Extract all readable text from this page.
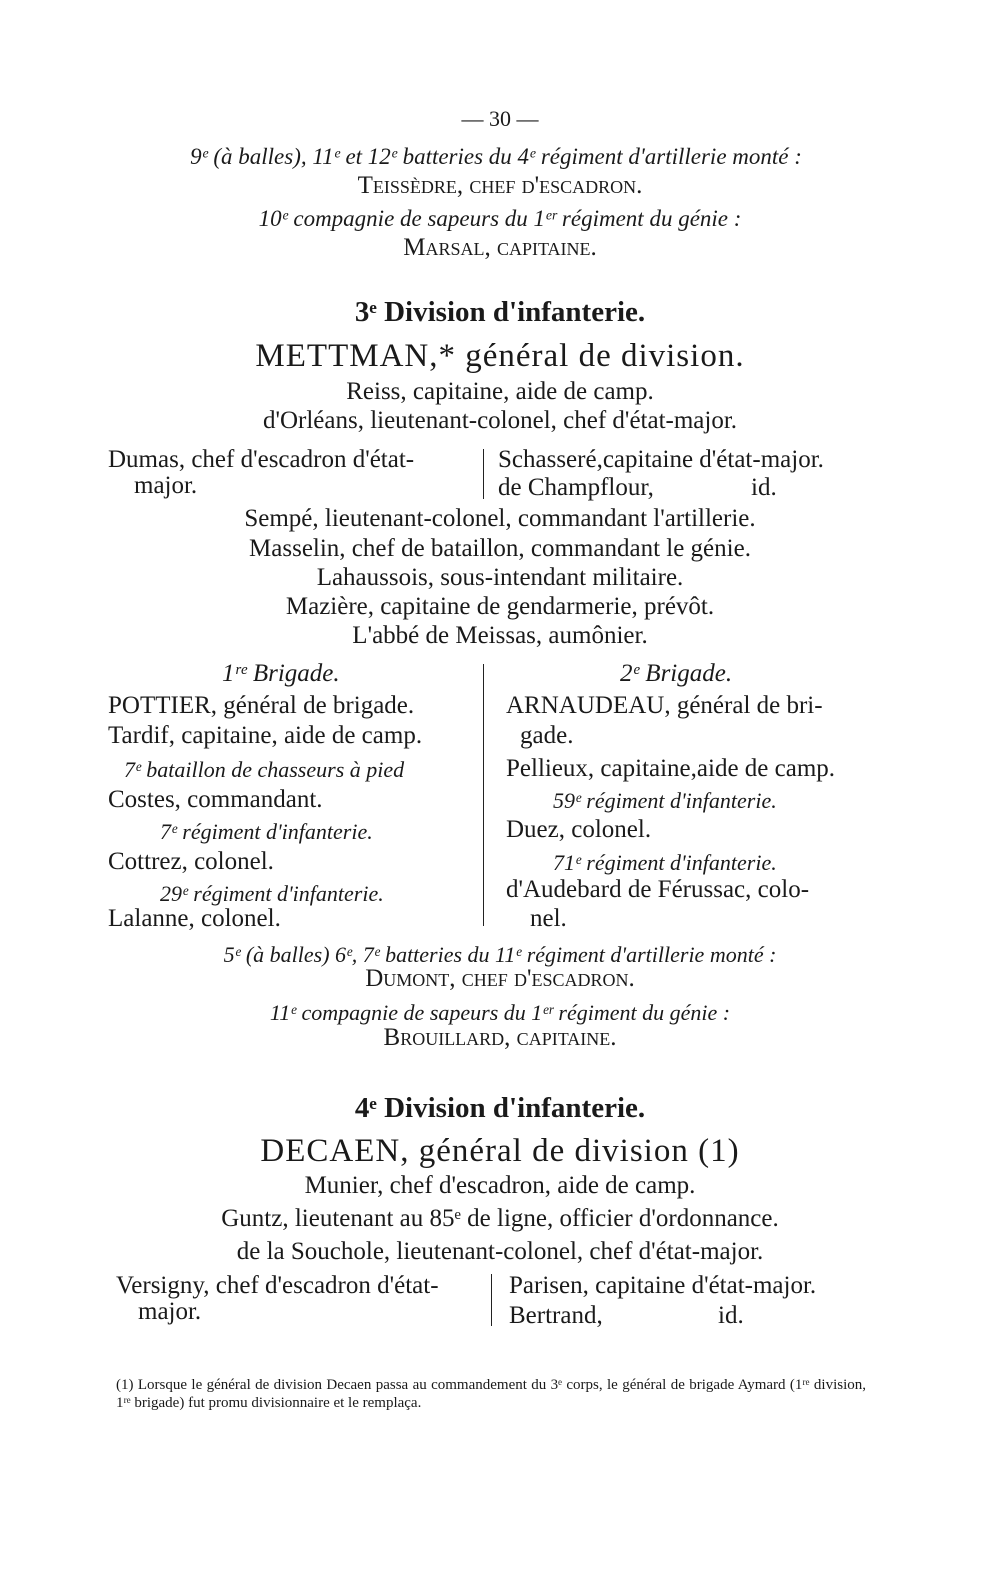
— 30 —
9ᵉ (à balles), 11ᵉ et 12ᵉ batteries du 4ᵉ régiment d'artillerie monté :
Teissèdre, chef d'escadron.
10ᵉ compagnie de sapeurs du 1ᵉʳ régiment du génie :
Marsal, capitaine.
3ᵉ Division d'infanterie.
METTMAN,* général de division.
Reiss, capitaine, aide de camp.
d'Orléans, lieutenant-colonel, chef d'état-major.
Dumas, chef d'escadron d'état-
major.
Schasseré,capitaine d'état-major.
de Champflour,	id.
Sempé, lieutenant-colonel, commandant l'artillerie.
Masselin, chef de bataillon, commandant le génie.
Lahaussois, sous-intendant militaire.
Mazière, capitaine de gendarmerie, prévôt.
L'abbé de Meissas, aumônier.
1ʳᵉ Brigade.
POTTIER, général de brigade.
Tardif, capitaine, aide de camp.
7ᵉ bataillon de chasseurs à pied
Costes, commandant.
7ᵉ régiment d'infanterie.
Cottrez, colonel.
29ᵉ régiment d'infanterie.
Lalanne, colonel.
2ᵉ Brigade.
ARNAUDEAU, général de bri-
gade.
Pellieux, capitaine,aide de camp.
59ᵉ régiment d'infanterie.
Duez, colonel.
71ᵉ régiment d'infanterie.
d'Audebard de Férussac, colo-
nel.
5ᵉ (à balles) 6ᵉ, 7ᵉ batteries du 11ᵉ régiment d'artillerie monté :
Dumont, chef d'escadron.
11ᵉ compagnie de sapeurs du 1ᵉʳ régiment du génie :
Brouillard, capitaine.
4ᵉ Division d'infanterie.
DECAEN, général de division (1)
Munier, chef d'escadron, aide de camp.
Guntz, lieutenant au 85ᵉ de ligne, officier d'ordonnance.
de la Souchole, lieutenant-colonel, chef d'état-major.
Versigny, chef d'escadron d'état-
major.
Parisen, capitaine d'état-major.
Bertrand,	id.
(1) Lorsque le général de division Decaen passa au commandement du 3ᵉ corps, le général de brigade Aymard (1ʳᵉ division, 1ʳᵉ brigade) fut promu divisionnaire et le remplaça.
